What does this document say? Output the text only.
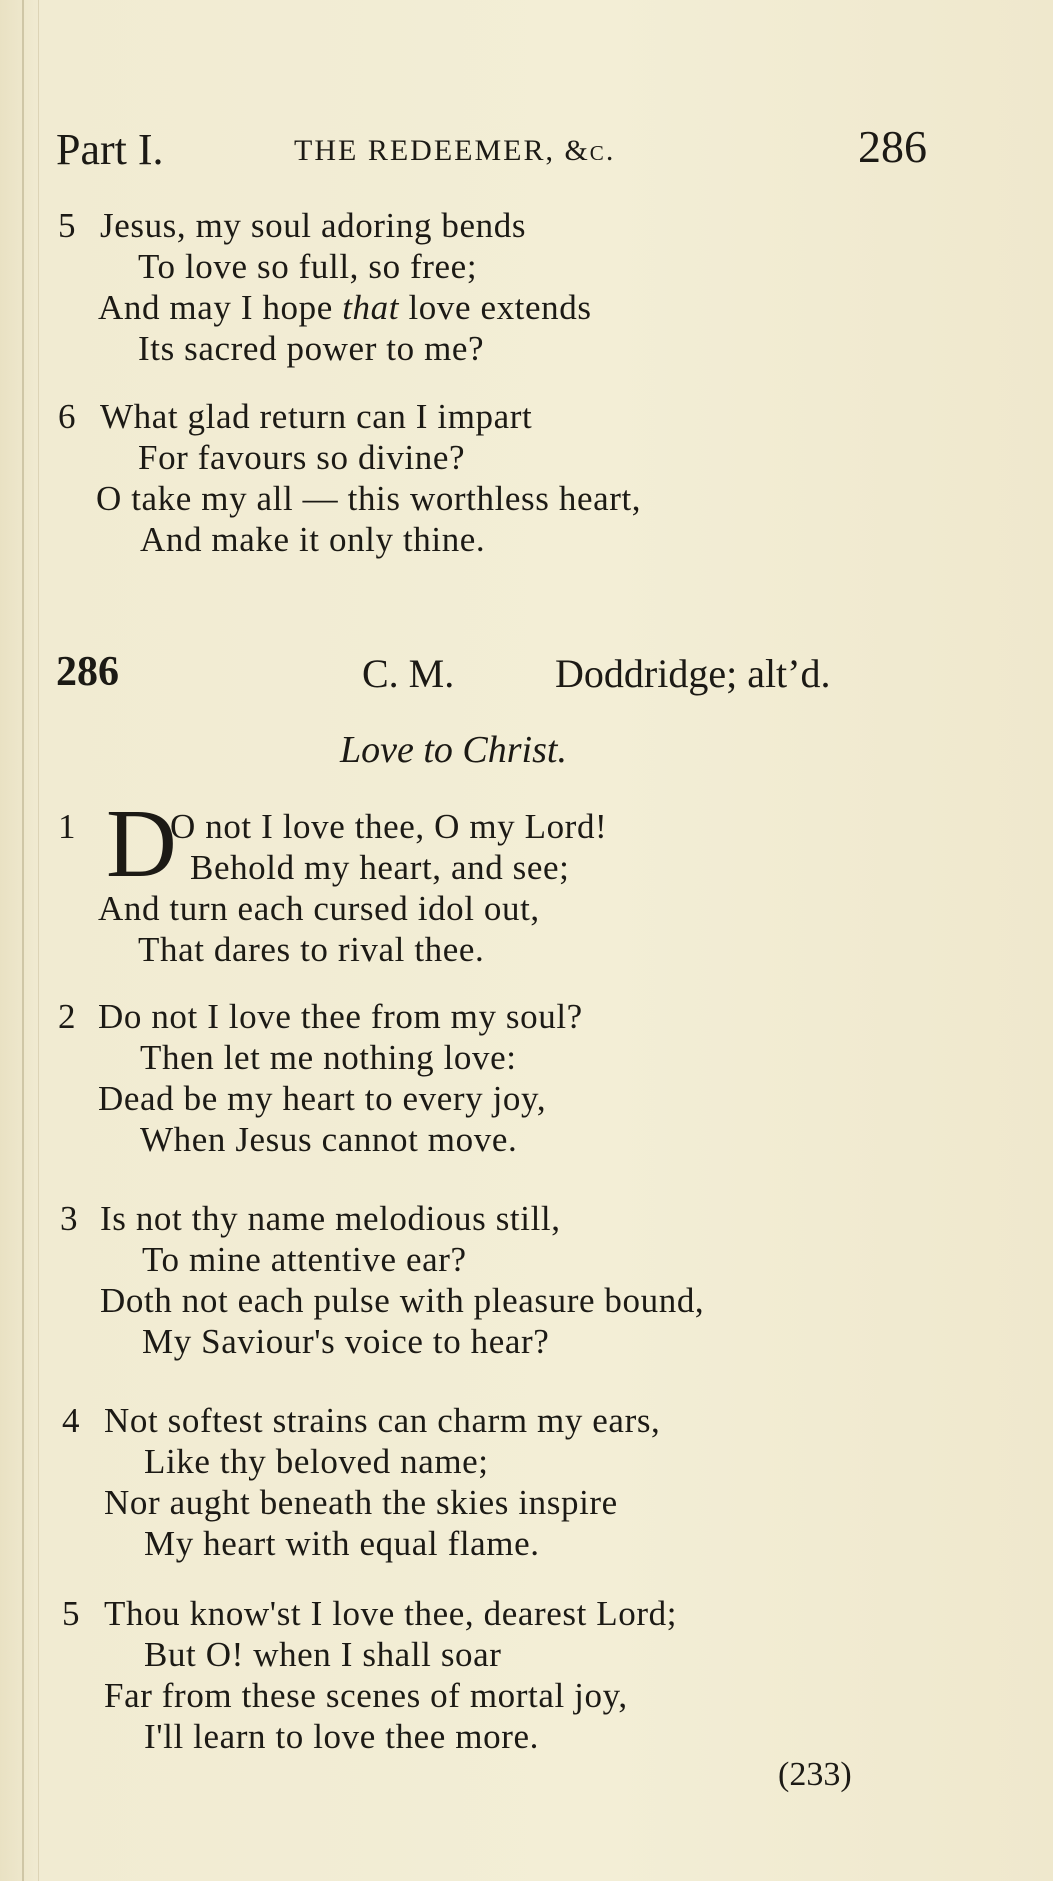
Part I.	THE REDEEMER, &c.	286
5 Jesus, my soul adoring bends
To love so full, so free;
And may I hope that love extends
Its sacred power to me?
6 What glad return can I impart
For favours so divine?
O take my all — this worthless heart,
And make it only thine.
286	C. M.	Doddridge; alt’d.
Love to Christ.
1 D
O not I love thee, O my Lord!
Behold my heart, and see;
And turn each cursed idol out,
That dares to rival thee.
2 Do not I love thee from my soul?
Then let me nothing love:
Dead be my heart to every joy,
When Jesus cannot move.
3 Is not thy name melodious still,
To mine attentive ear?
Doth not each pulse with pleasure bound,
My Saviour's voice to hear?
4 Not softest strains can charm my ears,
Like thy beloved name;
Nor aught beneath the skies inspire
My heart with equal flame.
5 Thou know'st I love thee, dearest Lord;
But O! when I shall soar
Far from these scenes of mortal joy,
I'll learn to love thee more.
(233)
